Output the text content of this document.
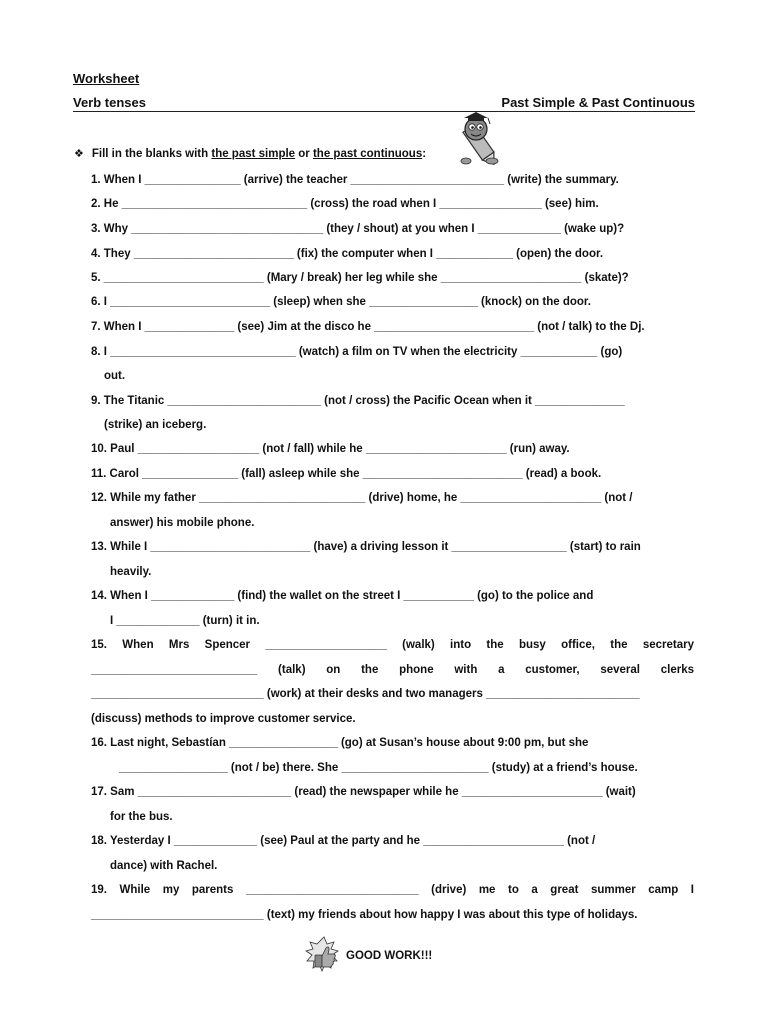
Worksheet
Verb tenses	Past Simple & Past Continuous
❖ Fill in the blanks with the past simple or the past continuous:
1. When I _______________ (arrive) the teacher ________________________ (write) the summary.
2. He _____________________________ (cross) the road when I ________________ (see) him.
3. Why ______________________________ (they / shout) at you when I _____________ (wake up)?
4. They _________________________ (fix) the computer when I ____________ (open) the door.
5. _________________________ (Mary / break) her leg while she ______________________ (skate)?
6. I _________________________ (sleep) when she _________________ (knock) on the door.
7. When I ______________ (see) Jim at the disco he _________________________ (not / talk) to the Dj.
8. I _____________________________ (watch) a film on TV when the electricity ____________ (go)
out.
9. The Titanic ________________________ (not / cross) the Pacific Ocean when it ______________
(strike) an iceberg.
10. Paul ___________________ (not / fall) while he ______________________ (run) away.
11. Carol _______________ (fall) asleep while she _________________________ (read) a book.
12. While my father __________________________ (drive) home, he ______________________ (not /
answer) his mobile phone.
13. While I _________________________ (have) a driving lesson it __________________ (start) to rain
heavily.
14. When I _____________ (find) the wallet on the street I ___________ (go) to the police and
I _____________ (turn) it in.
15. When Mrs Spencer ___________________ (walk) into the busy office, the secretary
__________________________ (talk) on the phone with a customer, several clerks
___________________________ (work) at their desks and two managers ________________________
(discuss) methods to improve customer service.
16. Last night, Sebastían _________________ (go) at Susan’s house about 9:00 pm, but she
_________________ (not / be) there. She _______________________ (study) at a friend’s house.
17. Sam ________________________ (read) the newspaper while he ______________________ (wait)
for the bus.
18. Yesterday I _____________ (see) Paul at the party and he ______________________ (not /
dance) with Rachel.
19. While my parents ___________________________ (drive) me to a great summer camp I
___________________________ (text) my friends about how happy I was about this type of holidays.
GOOD WORK!!!
